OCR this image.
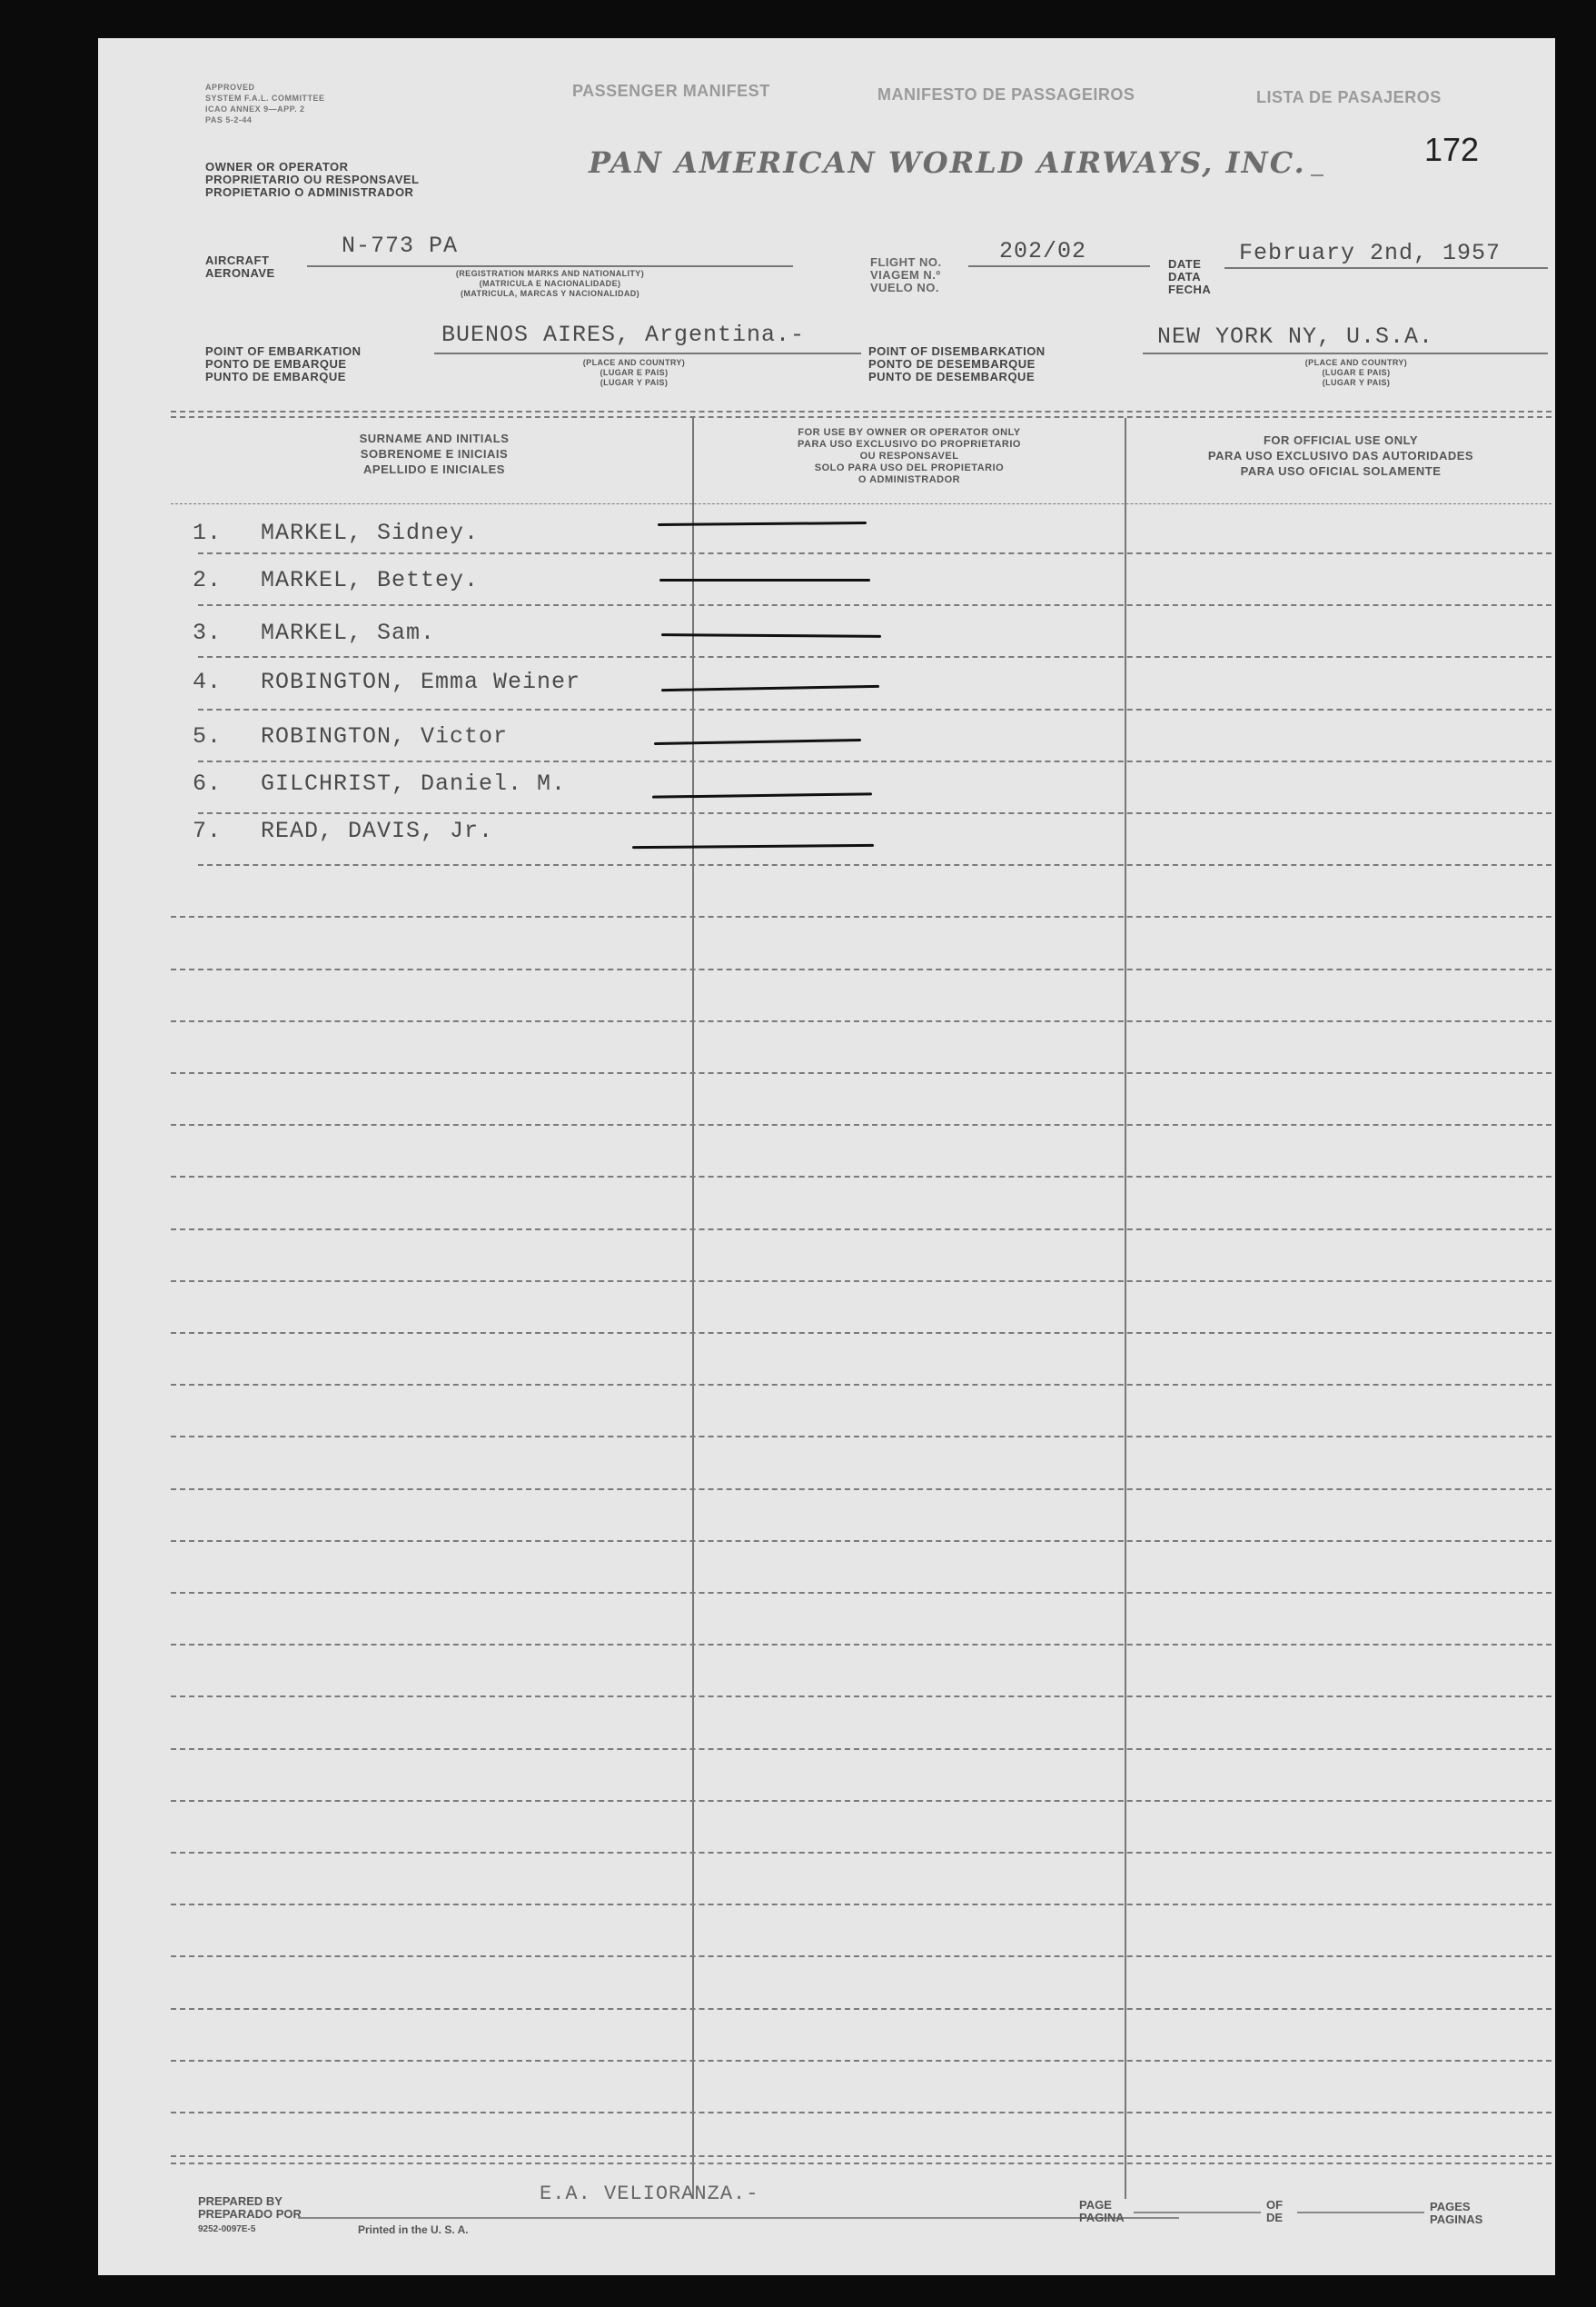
APPROVED
SYSTEM F.A.L. COMMITTEE
ICAO ANNEX 9—APP. 2
PAS 5-2-44
PASSENGER MANIFEST	MANIFESTO DE PASSAGEIROS	LISTA DE PASAJEROS
172
OWNER OR OPERATOR
PROPRIETARIO OU RESPONSAVEL
PROPIETARIO O ADMINISTRADOR
PAN AMERICAN WORLD AIRWAYS, INC.
AIRCRAFT
AERONAVE
N-773 PA
(REGISTRATION MARKS AND NATIONALITY)
(MATRICULA E NACIONALIDADE)
(MATRICULA, MARCAS Y NACIONALIDAD)
FLIGHT NO.
VIAGEM N.º
VUELO NO.
202/02	DATE
DATA
FECHA
February 2nd, 1957
POINT OF EMBARKATION
PONTO DE EMBARQUE
PUNTO DE EMBARQUE
BUENOS AIRES, Argentina.-
(PLACE AND COUNTRY)
(LUGAR E PAIS)
(LUGAR Y PAIS)
POINT OF DISEMBARKATION
PONTO DE DESEMBARQUE
PUNTO DE DESEMBARQUE
NEW YORK NY, U.S.A.
(PLACE AND COUNTRY)
(LUGAR E PAIS)
(LUGAR Y PAIS)
SURNAME AND INITIALS
SOBRENOME E INICIAIS
APELLIDO E INICIALES
FOR USE BY OWNER OR OPERATOR ONLY
PARA USO EXCLUSIVO DO PROPRIETARIO
OU RESPONSAVEL
SOLO PARA USO DEL PROPIETARIO
O ADMINISTRADOR
FOR OFFICIAL USE ONLY
PARA USO EXCLUSIVO DAS AUTORIDADES
PARA USO OFICIAL SOLAMENTE
1. MARKEL, Sidney.
2. MARKEL, Bettey.
3. MARKEL, Sam.
4. ROBINGTON, Emma Weiner
5. ROBINGTON, Victor
6. GILCHRIST, Daniel. M.
7. READ, DAVIS, Jr.
PREPARED BY
PREPARADO POR
9252-0097E-5
E.A. VELIORANZA.-
Printed in the U. S. A.
PAGE
PAGINA
OF
DE
PAGES
PAGINAS
